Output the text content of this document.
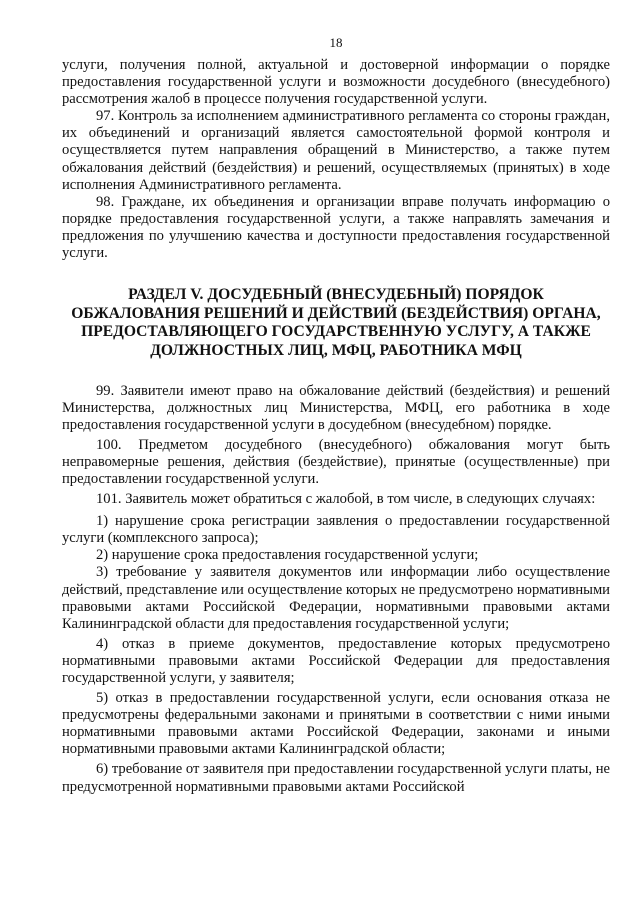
18

услуги, получения полной, актуальной и достоверной информации о порядке предоставления государственной услуги и возможности досудебного (внесудебного) рассмотрения жалоб в процессе получения государственной услуги.

97. Контроль за исполнением административного регламента со стороны граждан, их объединений и организаций является самостоятельной формой контроля и осуществляется путем направления обращений в Министерство, а также путем обжалования действий (бездействия) и решений, осуществляемых (принятых) в ходе исполнения Административного регламента.

98. Граждане, их объединения и организации вправе получать информацию о порядке предоставления государственной услуги, а также направлять замечания и предложения по улучшению качества и доступности предоставления государственной услуги.

РАЗДЕЛ V. ДОСУДЕБНЫЙ (ВНЕСУДЕБНЫЙ) ПОРЯДОК
ОБЖАЛОВАНИЯ РЕШЕНИЙ И ДЕЙСТВИЙ (БЕЗДЕЙСТВИЯ) ОРГАНА,
ПРЕДОСТАВЛЯЮЩЕГО ГОСУДАРСТВЕННУЮ УСЛУГУ, А ТАКЖЕ
ДОЛЖНОСТНЫХ ЛИЦ, МФЦ, РАБОТНИКА МФЦ

99. Заявители имеют право на обжалование действий (бездействия) и решений Министерства, должностных лиц Министерства, МФЦ, его работника в ходе предоставления государственной услуги в досудебном (внесудебном) порядке.

100. Предметом досудебного (внесудебного) обжалования могут быть неправомерные решения, действия (бездействие), принятые (осуществленные) при предоставлении государственной услуги.

101. Заявитель может обратиться с жалобой, в том числе, в следующих случаях:

1) нарушение срока регистрации заявления о предоставлении государственной услуги (комплексного запроса);

2) нарушение срока предоставления государственной услуги;

3) требование у заявителя документов или информации либо осуществление действий, представление или осуществление которых не предусмотрено нормативными правовыми актами Российской Федерации, нормативными правовыми актами Калининградской области для предоставления государственной услуги;

4) отказ в приеме документов, предоставление которых предусмотрено нормативными правовыми актами Российской Федерации для предоставления государственной услуги, у заявителя;

5) отказ в предоставлении государственной услуги, если основания отказа не предусмотрены федеральными законами и принятыми в соответствии с ними иными нормативными правовыми актами Российской Федерации, законами и иными нормативными правовыми актами Калининградской области;

6) требование от заявителя при предоставлении государственной услуги платы, не предусмотренной нормативными правовыми актами Российской
